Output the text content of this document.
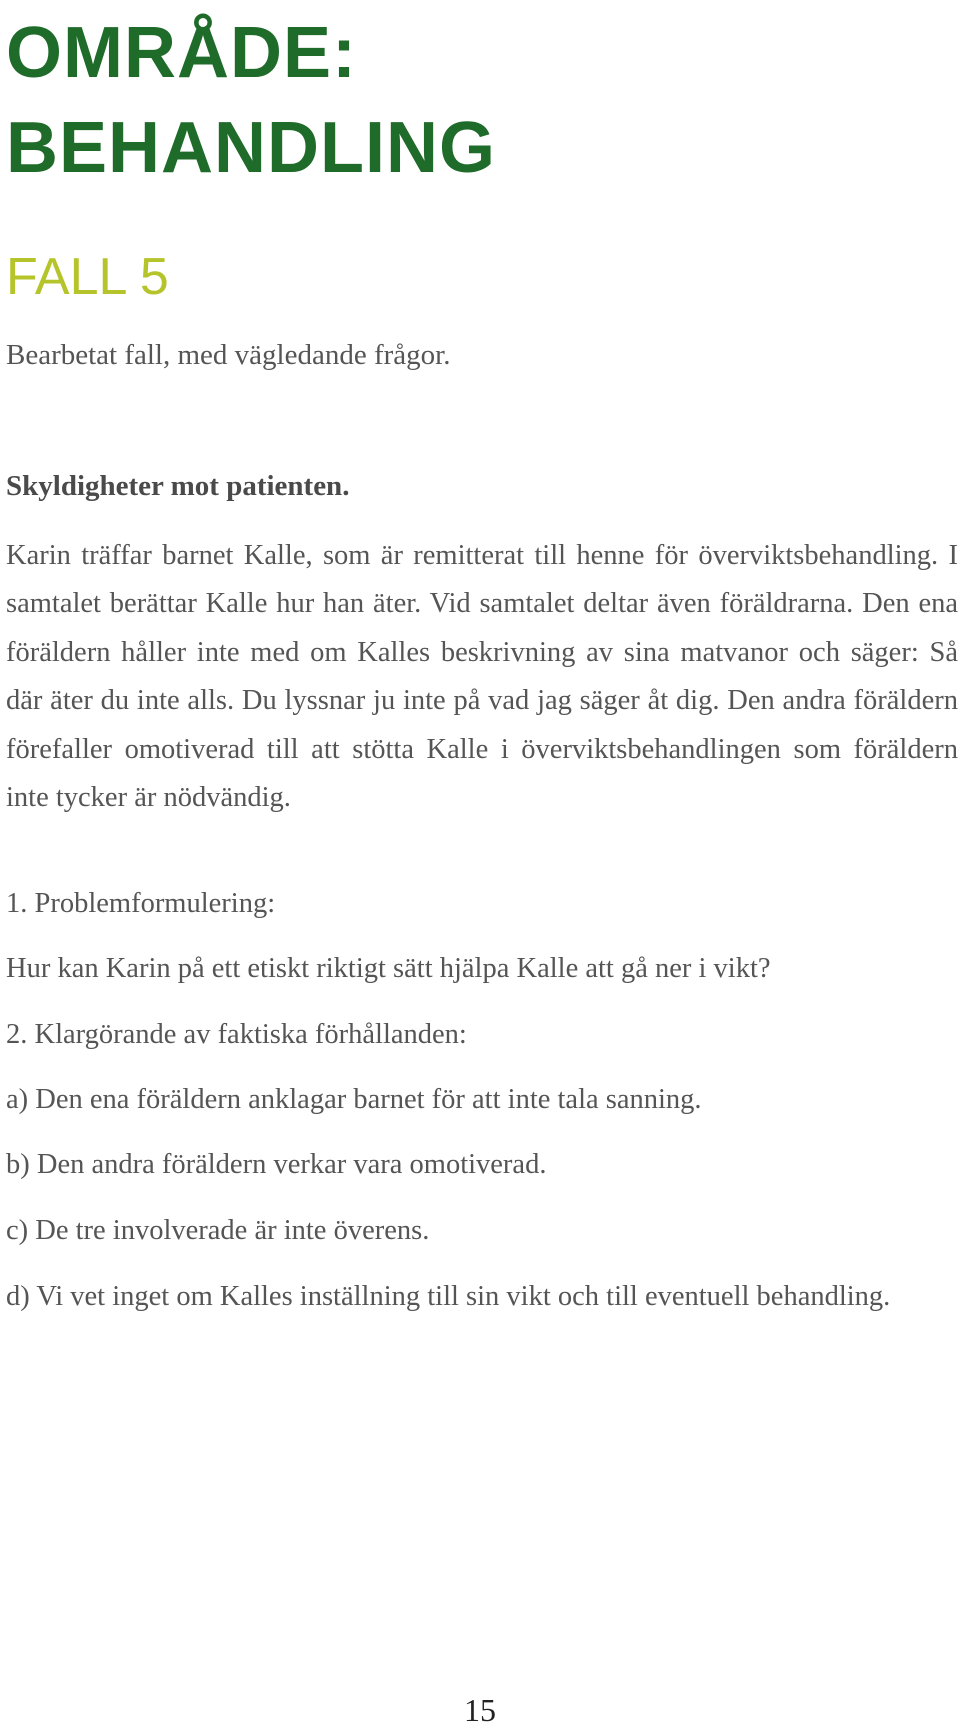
OMRÅDE:
BEHANDLING
FALL 5

Bearbetat fall, med vägledande frågor.

Skyldigheter mot patienten.

Karin träffar barnet Kalle, som är remitterat till henne för överviktsbehandling. I samtalet berättar Kalle hur han äter. Vid samtalet deltar även föräldrarna. Den ena föräldern håller inte med om Kalles beskrivning av sina matvanor och säger: Så där äter du inte alls. Du lyssnar ju inte på vad jag säger åt dig. Den andra föräldern förefaller omotiverad till att stötta Kalle i överviktsbehandlingen som föräldern inte tycker är nödvändig.

1. Problemformulering:

Hur kan Karin på ett etiskt riktigt sätt hjälpa Kalle att gå ner i vikt?

2. Klargörande av faktiska förhållanden:

a) Den ena föräldern anklagar barnet för att inte tala sanning.

b) Den andra föräldern verkar vara omotiverad.

c) De tre involverade är inte överens.

d) Vi vet inget om Kalles inställning till sin vikt och till eventuell behandling.

15
